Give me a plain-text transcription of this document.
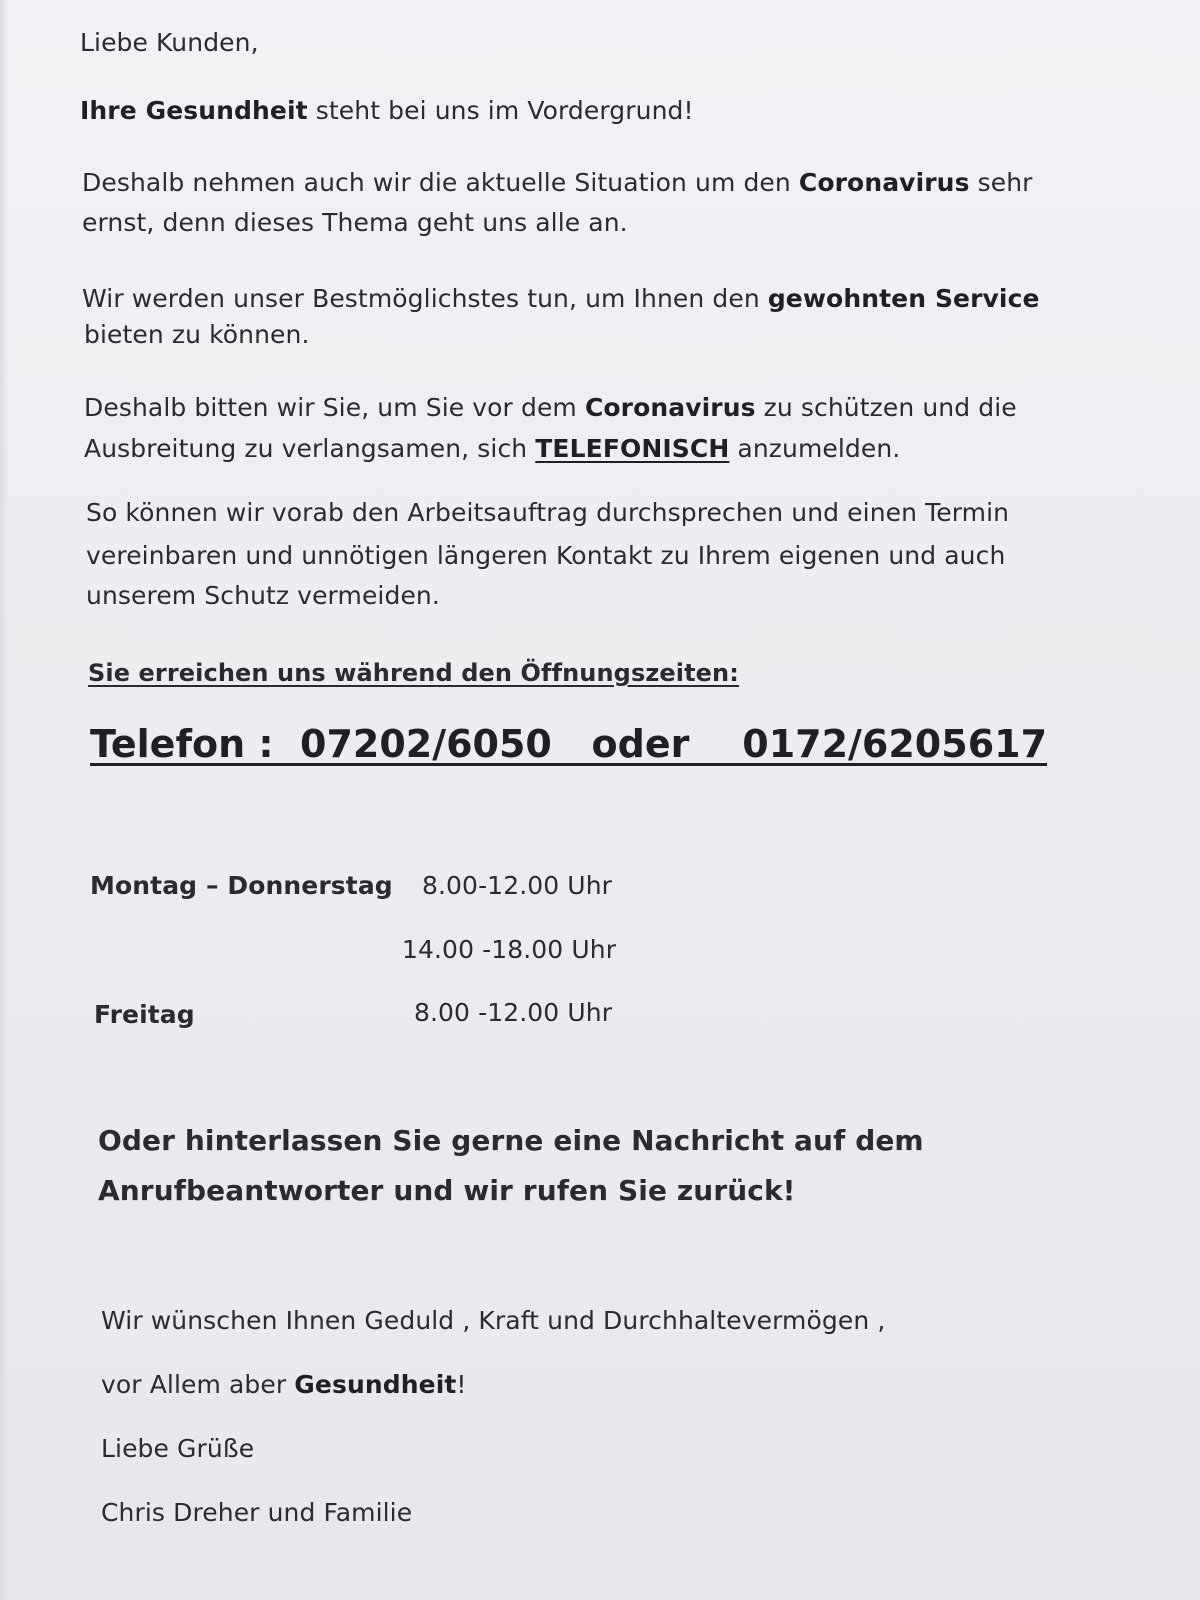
Liebe Kunden,
Ihre Gesundheit steht bei uns im Vordergrund!
Deshalb nehmen auch wir die aktuelle Situation um den Coronavirus sehr
ernst, denn dieses Thema geht uns alle an.
Wir werden unser Bestmöglichstes tun, um Ihnen den gewohnten Service
bieten zu können.
Deshalb bitten wir Sie, um Sie vor dem Coronavirus zu schützen und die
Ausbreitung zu verlangsamen, sich TELEFONISCH anzumelden.
So können wir vorab den Arbeitsauftrag durchsprechen und einen Termin
vereinbaren und unnötigen längeren Kontakt zu Ihrem eigenen und auch
unserem Schutz vermeiden.
Sie erreichen uns während den Öffnungszeiten:
Telefon :  07202/6050   oder    0172/6205617
Montag – Donnerstag 8.00-12.00 Uhr
14.00 -18.00 Uhr
Freitag	8.00 -12.00 Uhr
Oder hinterlassen Sie gerne eine Nachricht auf dem
Anrufbeantworter und wir rufen Sie zurück!
Wir wünschen Ihnen Geduld , Kraft und Durchhaltevermögen ,
vor Allem aber Gesundheit!
Liebe Grüße
Chris Dreher und Familie
